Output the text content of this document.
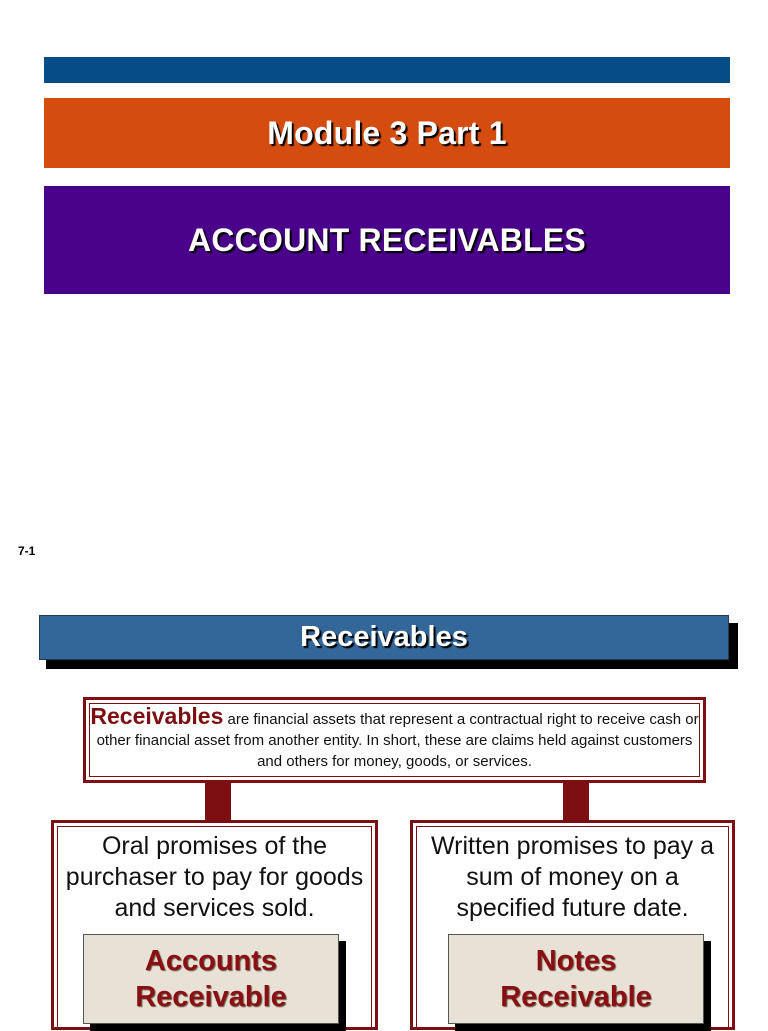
Module 3 Part 1
ACCOUNT RECEIVABLES
7-1
Receivables
Receivables are financial assets that represent a contractual right to receive cash or other financial asset from another entity. In short, these are claims held against customers and others for money, goods, or services.
Oral promises of the purchaser to pay for goods and services sold.
Written promises to pay a sum of money on a specified future date.
Accounts
Receivable
Notes
Receivable
